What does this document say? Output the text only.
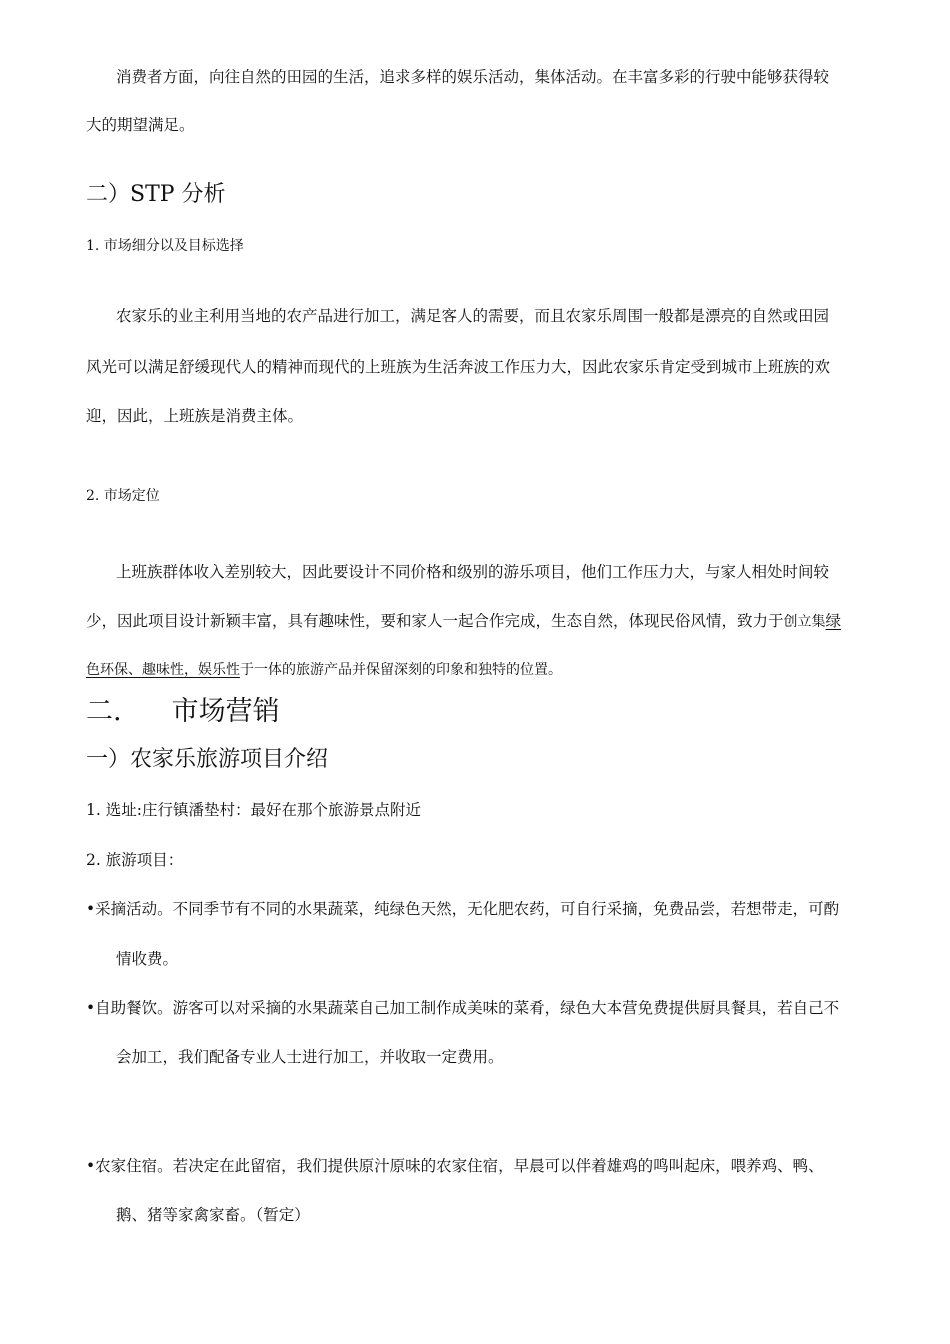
消费者方面，向往自然的田园的生活，追求多样的娱乐活动，集体活动。在丰富多彩的行驶中能够获得较
大的期望满足。
二）STP 分析
1. 市场细分以及目标选择
农家乐的业主利用当地的农产品进行加工，满足客人的需要，而且农家乐周围一般都是漂亮的自然或田园
风光可以满足舒缓现代人的精神而现代的上班族为生活奔波工作压力大，因此农家乐肯定受到城市上班族的欢
迎，因此，上班族是消费主体。
2. 市场定位
上班族群体收入差别较大，因此要设计不同价格和级别的游乐项目，他们工作压力大，与家人相处时间较
少，因此项目设计新颖丰富，具有趣味性，要和家人一起合作完成，生态自然，体现民俗风情，致力于创立集绿
色环保、趣味性，娱乐性于一体的旅游产品并保留深刻的印象和独特的位置。
二. 市场营销
一）农家乐旅游项目介绍
1. 选址:庄行镇潘垫村：最好在那个旅游景点附近
2. 旅游项目：
•采摘活动。不同季节有不同的水果蔬菜，纯绿色天然，无化肥农药，可自行采摘，免费品尝，若想带走，可酌
情收费。
•自助餐饮。游客可以对采摘的水果蔬菜自己加工制作成美味的菜肴，绿色大本营免费提供厨具餐具，若自己不
会加工，我们配备专业人士进行加工，并收取一定费用。
•农家住宿。若决定在此留宿，我们提供原汁原味的农家住宿，早晨可以伴着雄鸡的鸣叫起床，喂养鸡、鸭、
鹅、猪等家禽家畜。（暂定）
